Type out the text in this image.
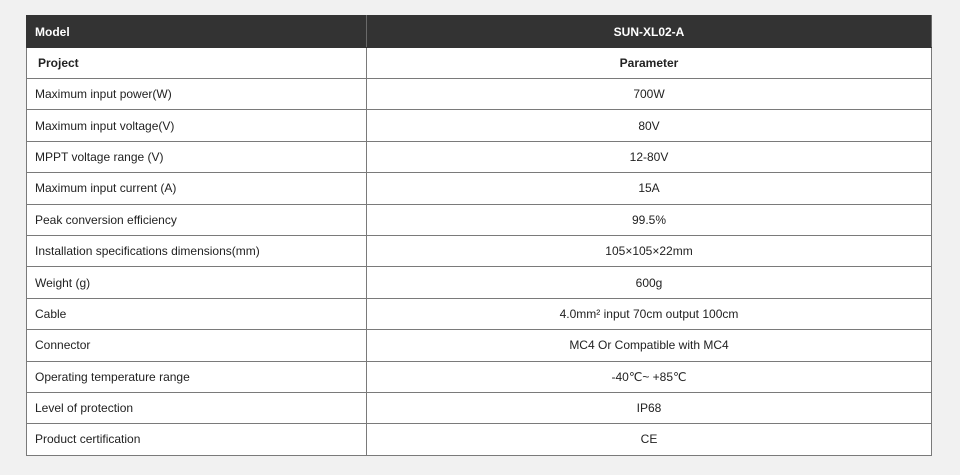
Model	SUN-XL02-A
Project	Parameter
Maximum input power(W)	700W
Maximum input voltage(V)	80V
MPPT voltage range (V)	12-80V
Maximum input current (A)	15A
Peak conversion efficiency	99.5%
Installation specifications dimensions(mm)	105×105×22mm
Weight (g)	600g
Cable	4.0mm² input 70cm output 100cm
Connector	MC4 Or Compatible with MC4
Operating temperature range	-40℃~ +85℃
Level of protection	IP68
Product certification	CE
